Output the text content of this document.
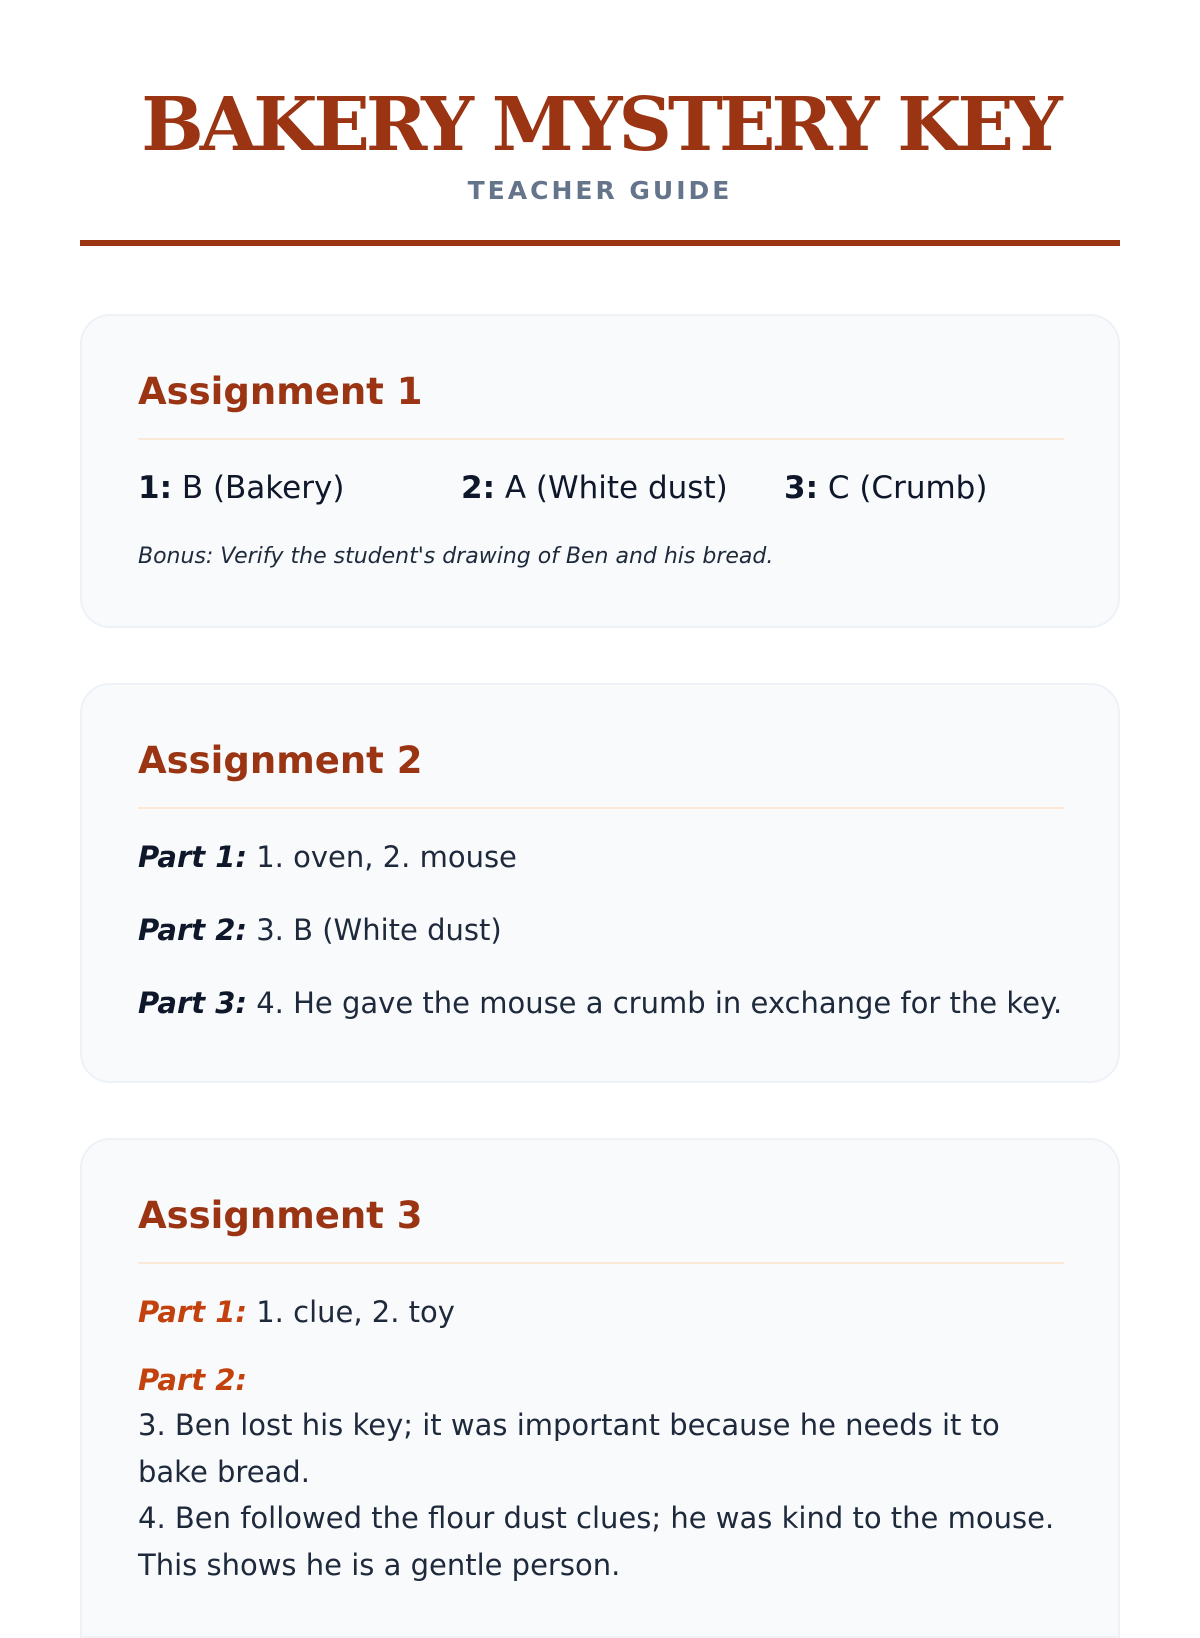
BAKERY MYSTERY KEY
TEACHER GUIDE
Assignment 1
1: B (Bakery)	2: A (White dust) 3: C (Crumb)
Bonus: Verify the student's drawing of Ben and his bread.
Assignment 2
Part 1: 1. oven, 2. mouse
Part 2: 3. B (White dust)
Part 3: 4. He gave the mouse a crumb in exchange for the key.
Assignment 3
Part 1: 1. clue, 2. toy
Part 2:
3. Ben lost his key; it was important because he needs it to bake bread.
4. Ben followed the flour dust clues; he was kind to the mouse. This shows he is a gentle person.
